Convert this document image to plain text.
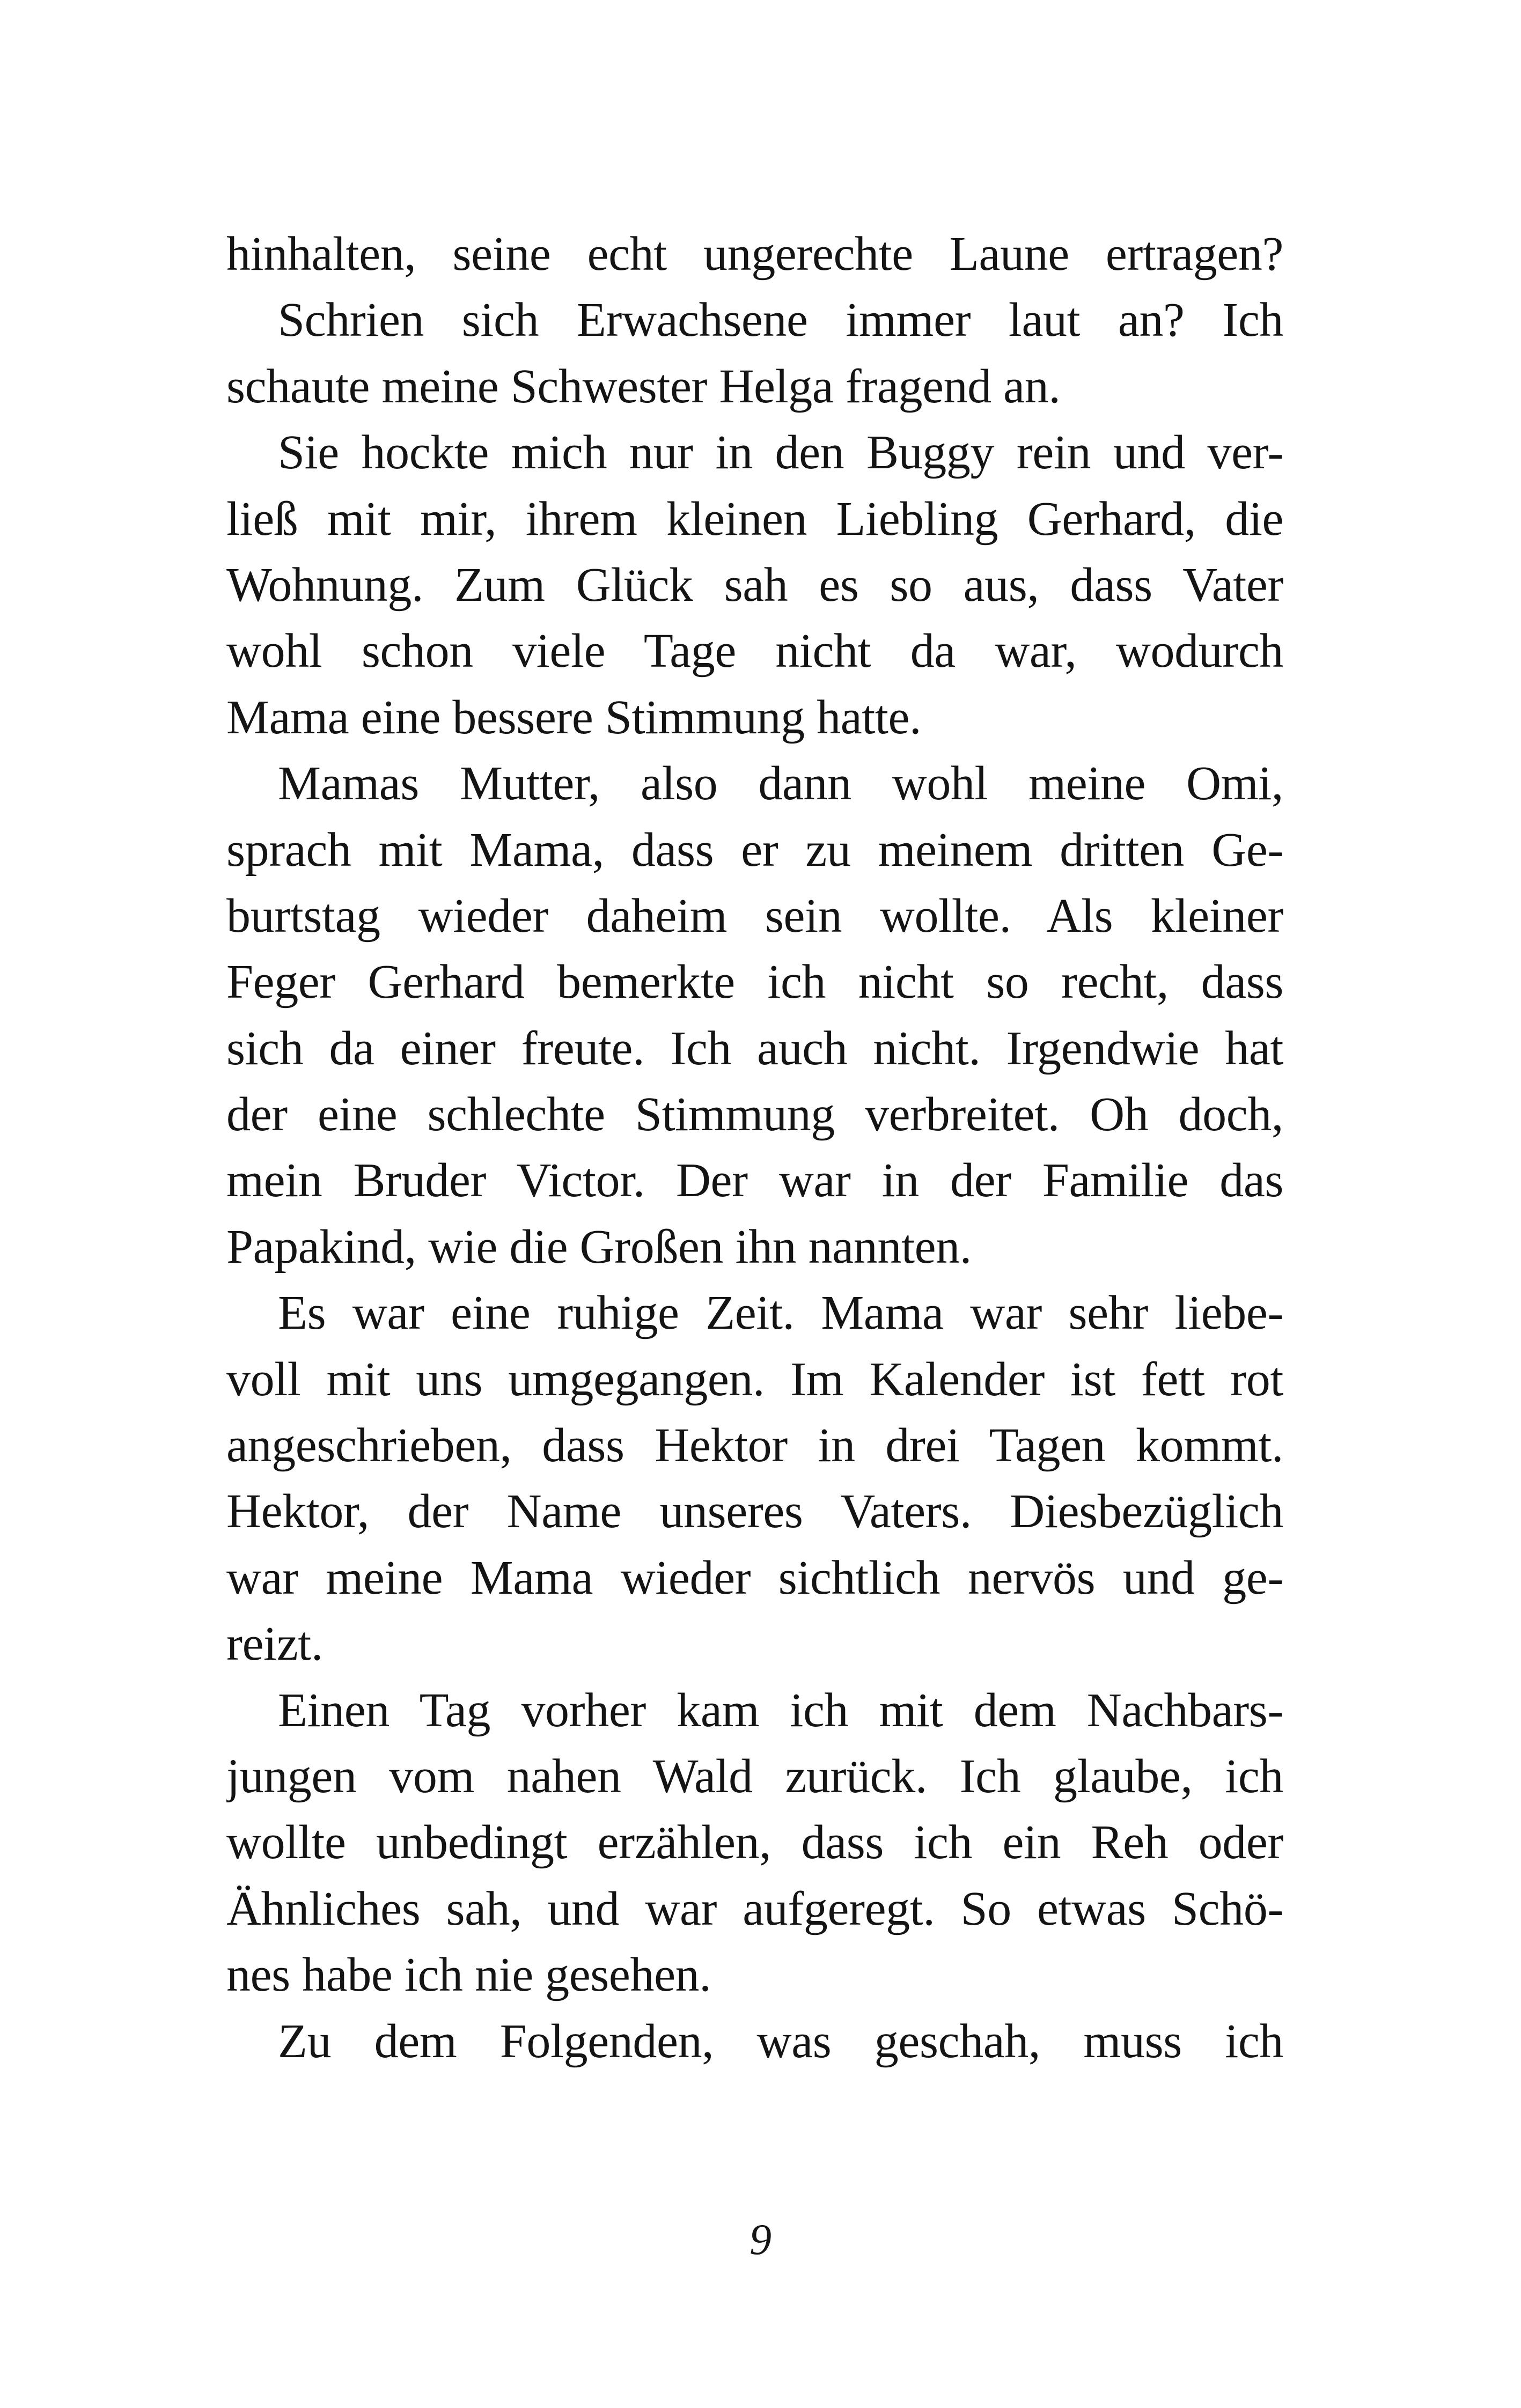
hinhalten, seine echt ungerechte Laune ertragen?
Schrien sich Erwachsene immer laut an? Ich
schaute meine Schwester Helga fragend an.
Sie hockte mich nur in den Buggy rein und ver-
ließ mit mir, ihrem kleinen Liebling Gerhard, die
Wohnung. Zum Glück sah es so aus, dass Vater
wohl schon viele Tage nicht da war, wodurch
Mama eine bessere Stimmung hatte.
Mamas Mutter, also dann wohl meine Omi,
sprach mit Mama, dass er zu meinem dritten Ge-
burtstag wieder daheim sein wollte. Als kleiner
Feger Gerhard bemerkte ich nicht so recht, dass
sich da einer freute. Ich auch nicht. Irgendwie hat
der eine schlechte Stimmung verbreitet. Oh doch,
mein Bruder Victor. Der war in der Familie das
Papakind, wie die Großen ihn nannten.
Es war eine ruhige Zeit. Mama war sehr liebe-
voll mit uns umgegangen. Im Kalender ist fett rot
angeschrieben, dass Hektor in drei Tagen kommt.
Hektor, der Name unseres Vaters. Diesbezüglich
war meine Mama wieder sichtlich nervös und ge-
reizt.
Einen Tag vorher kam ich mit dem Nachbars-
jungen vom nahen Wald zurück. Ich glaube, ich
wollte unbedingt erzählen, dass ich ein Reh oder
Ähnliches sah, und war aufgeregt. So etwas Schö-
nes habe ich nie gesehen.
Zu dem Folgenden, was geschah, muss ich
9
